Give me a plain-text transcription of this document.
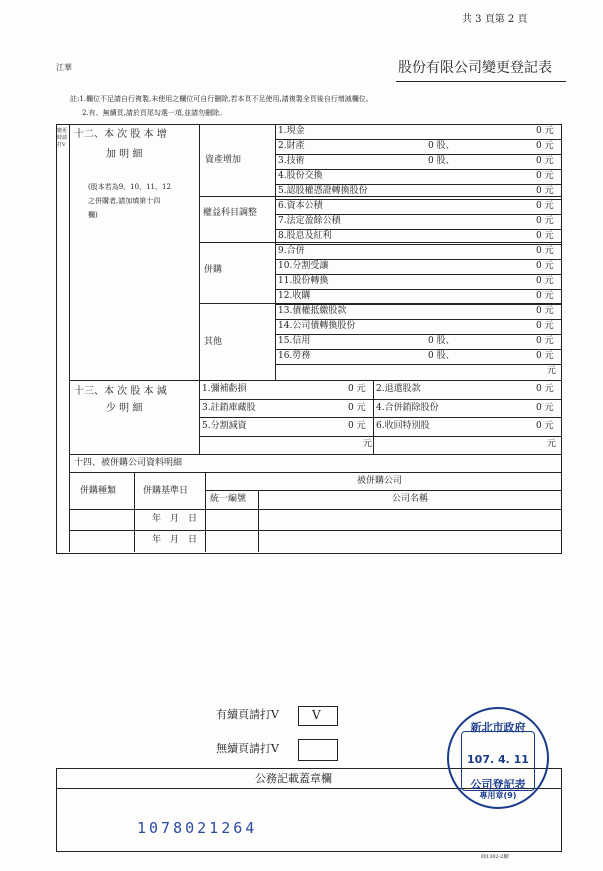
共 3 頁第 2 頁
江華	股份有限公司變更登記表
註:1.欄位不足請自行複製,未使用之欄位可自行刪除,若本頁不足使用,請複製全頁後自行增減欄位。
2.有、無續頁,請於頁尾勾選一項,並請勿刪除。
變更時請打V
十二、本 次 股 本 增
加 明 細
(股本若為9、10、11、12
之併購者,請加填第十四
欄)
資產增加
權益科目調整
併購
其他
1.現金	0 元
2.財產	0 股、	0 元
3.技術	0 股、	0 元
4.股份交換	0 元
5.認股權憑證轉換股份	0 元
6.資本公積	0 元
7.法定盈餘公積	0 元
8.股息及紅利	0 元
9.合併	0 元
10.分割受讓	0 元
11.股份轉換	0 元
12.收購	0 元
13.債權抵繳股款	0 元
14.公司債轉換股份	0 元
15.信用	0 股、	0 元
16.勞務	0 股、	0 元
元
十三、本 次 股 本 減
少 明 細
1.彌補虧損	0 元 2.退還股款	0 元
3.註銷庫藏股	0 元 4.合併銷除股份	0 元
5.分割減資	0 元 6.收回特別股	0 元
元	元
十四、被併購公司資料明細
併購種類	併購基準日
被併購公司
統一編號	公司名稱
年　月　日
年　月　日
有續頁請打V	V
無續頁請打V
公務記載蓋章欄
1078021264
商1302-2網
新北市政府
107. 4. 11
公司登記表
專用章(9)
